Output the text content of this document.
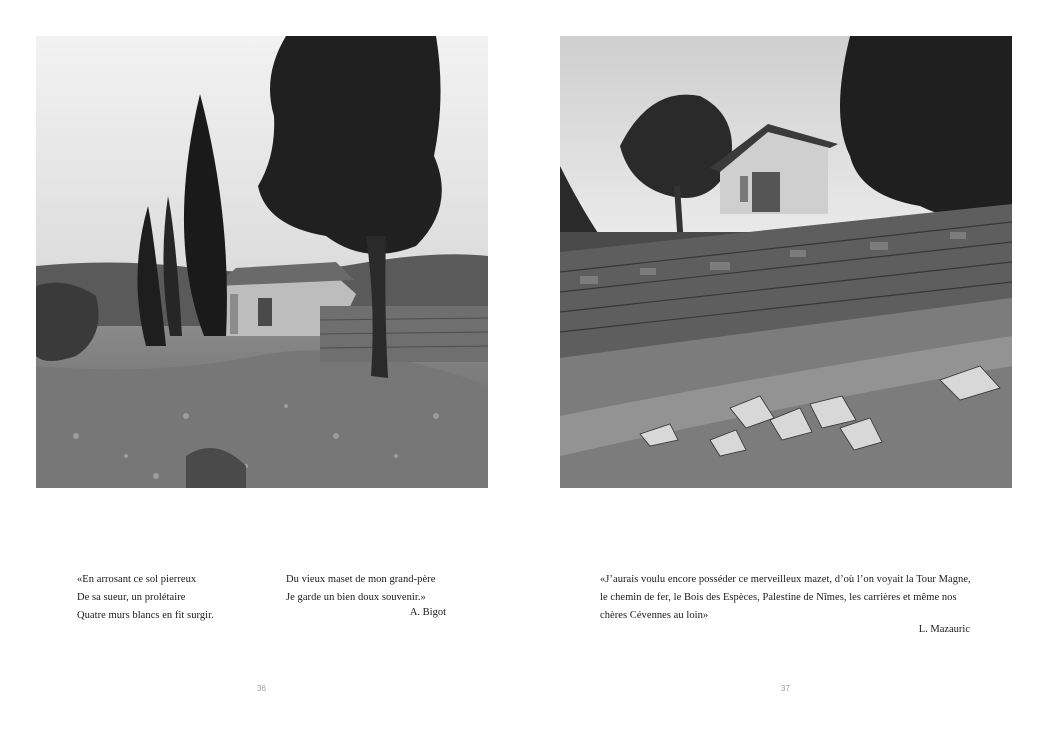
«En arrosant ce sol pierreux
De sa sueur, un prolétaire
Quatre murs blancs en fit surgir.
Du vieux maset de mon grand-père
Je garde un bien doux souvenir.»
A. Bigot
36
«J’aurais voulu encore posséder ce merveilleux mazet, d’où l’on voyait la Tour Magne,
le chemin de fer, le Bois des Espèces, Palestine de Nîmes, les carrières et même nos
chères Cévennes au loin»
L. Mazauric
37
